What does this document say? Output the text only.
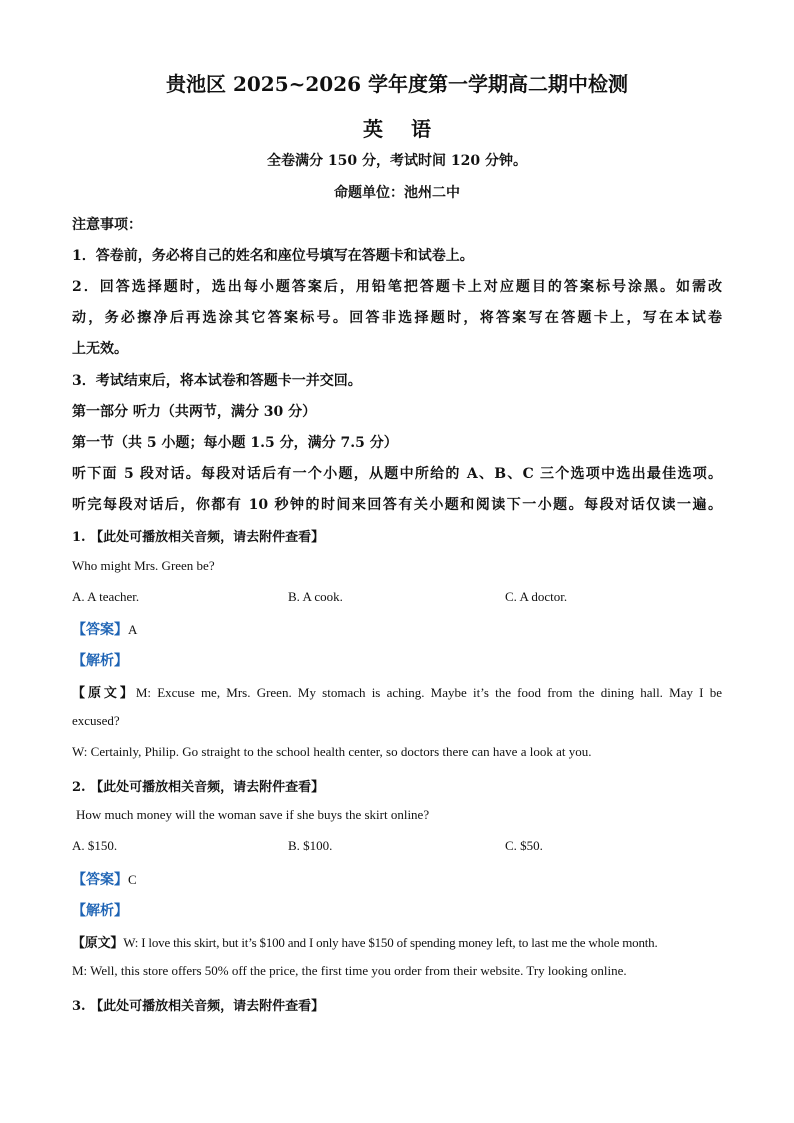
贵池区 2025~2026 学年度第一学期高二期中检测
英语
全卷满分 150 分，考试时间 120 分钟。
命题单位：池州二中
注意事项：
1．答卷前，务必将自己的姓名和座位号填写在答题卡和试卷上。
2．回答选择题时，选出每小题答案后，用铅笔把答题卡上对应题目的答案标号涂黑。如需改
动，务必擦净后再选涂其它答案标号。回答非选择题时，将答案写在答题卡上，写在本试卷
上无效。
3．考试结束后，将本试卷和答题卡一并交回。
第一部分 听力（共两节，满分 30 分）
第一节（共 5 小题；每小题 1.5 分，满分 7.5 分）
听下面 5 段对话。每段对话后有一个小题，从题中所给的 A、B、C 三个选项中选出最佳选项。
听完每段对话后，你都有 10 秒钟的时间来回答有关小题和阅读下一小题。每段对话仅读一遍。
1. 【此处可播放相关音频，请去附件查看】
Who might Mrs. Green be?
A. A teacher.	B. A cook.	C. A doctor.
【答案】A
【解析】
【原文】M: Excuse me, Mrs. Green. My stomach is aching. Maybe it’s the food from the dining hall. May I be
excused?
W: Certainly, Philip. Go straight to the school health center, so doctors there can have a look at you.
2. 【此处可播放相关音频，请去附件查看】
How much money will the woman save if she buys the skirt online?
A. $150.	B. $100.	C. $50.
【答案】C
【解析】
【原文】W: I love this skirt, but it’s $100 and I only have $150 of spending money left, to last me the whole month.
M: Well, this store offers 50% off the price, the first time you order from their website. Try looking online.
3. 【此处可播放相关音频，请去附件查看】
